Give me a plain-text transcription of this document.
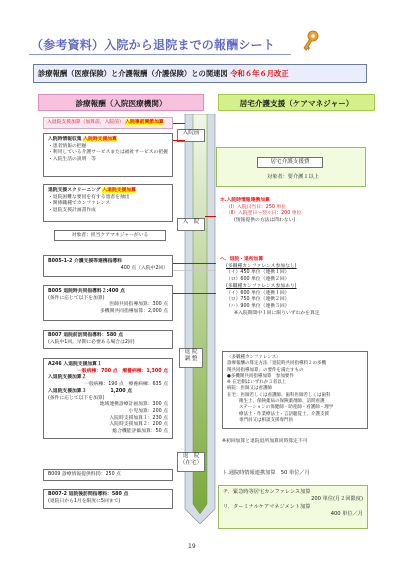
（参考資料）入院から退院までの報酬シート
診療報酬（医療保険）と介護報酬（介護保険）との関連図 令和６年６月改正
診療報酬（入院医療機関）	居宅介護支援（ケアマネジャー）
入院前
入　院
退 院
調 整
退　院
（在宅）
入退院支援加算（加算前，入院前） 入院事前関節加算
入院時情報収集 入院時支援加算
・患者情報の把握
・利用している介護サービスまたは福祉サービスの把握
・入院生活の説明　等
退院支援スクリーニング 入退院支援加算
・退院困難な要因を有する患者を抽出
・関係職種でカンファレンス
・退院支援計画書作成
対象者：担当ケアマネジャーがいる
B005-1-2 介護支援等連携指導料
400 点（入院中2回）
B005 退院時共同指導料２:400 点
(条件に応じて以下を加算)
医師共同指導加算：300 点
多機関共同指導加算：2,000 点
B007 退院前訪問指導料：580 点
(入院中1回。早期に必要ある場合は2回)
A246 入退院支援加算１
一般病棟：700 点　療養病棟：1,300 点
入退院支援加算２
一般病棟：190 点　療養病棟：635 点
入退院支援加算３　　　　　1,200 点
(条件に応じて以下を加算)
地域連携診療計画加算：300 点
小児加算：200 点
入院時支援加算１：230 点
入院時支援加算２：200 点
総合機能評価加算：50 点
B009 診療情報提供料(Ⅰ)：250 点
B007-2 退院後訪問指導料：580 点
(退院日から1月を限度に5回まで)
居宅介護支援費
対象者：要介護１以上
ホ.入院時情報連携加算
（Ⅰ）入院日当日：250 単位
（Ⅱ）入院翌日～翌々日：200 単位
(情報提供の方法は問わない)
ヘ．退院・退所加算
(多職種カンファレンス参加なし)
（イ）450 単位（連携１回）
（ロ）600 単位（連携２回）
(多職種カンファレンス参加あり)
（イ）600 単位（連携１回）
（ロ）750 単位（連携２回）
（ハ）900 単位（連携３回）
※入院期間中１回に限りいずれかを算定
〈多職種カンファレンス〉
診療報酬の算定方法「退院時共同指導料２の多機
関共同指導加算」の要件を満たすもの
●多機関共同指導加算　参加要件
※ 在宅側はいずれか３者以上
病院：医師又は看護師
在宅：医師若しくは看護師、歯科医師若しくは歯科
衛生士、保険薬局の保険薬剤師、訪問看護
ステーションの保健師・助産師・看護師・理学
療法士・作業療法士・言語聴覚士、介護支援
専門員又は相談支援専門員
※初回加算と退院退所加算同時算定不可
ト.通院時情報連携加算　50 単位／月
チ．緊急時等居宅カンファレンス加算
200 単位(月２回限度)
リ．ターミナルケアマネジメント加算
400 単位／月
19
